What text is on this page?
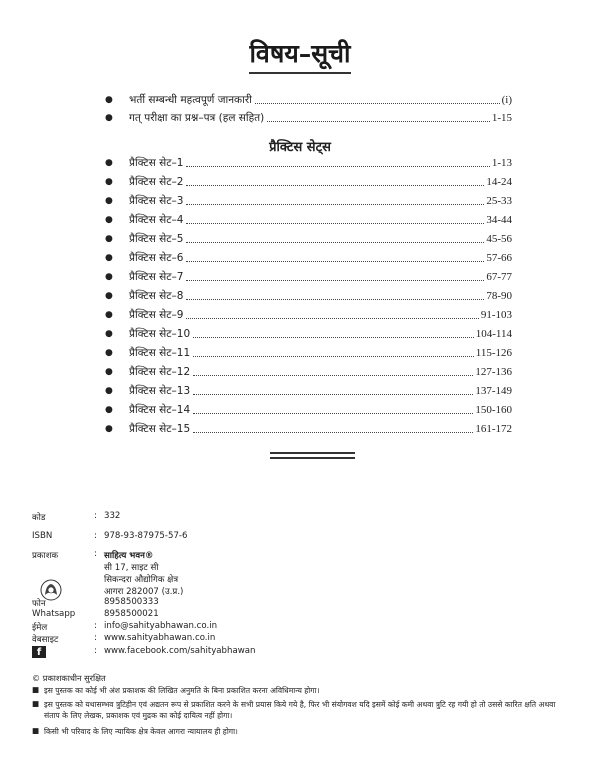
विषय–सूची
●	भर्ती सम्बन्धी महत्वपूर्ण जानकारी	(i)
●	गत् परीक्षा का प्रश्न–पत्र (हल सहित)	1-15
प्रैक्टिस सेट्स
●	प्रैक्टिस सेट–1	1-13
●	प्रैक्टिस सेट–2	14-24
●	प्रैक्टिस सेट–3	25-33
●	प्रैक्टिस सेट–4	34-44
●	प्रैक्टिस सेट–5	45-56
●	प्रैक्टिस सेट–6	57-66
●	प्रैक्टिस सेट–7	67-77
●	प्रैक्टिस सेट–8	78-90
●	प्रैक्टिस सेट–9	91-103
●	प्रैक्टिस सेट–10	104-114
●	प्रैक्टिस सेट–11	115-126
●	प्रैक्टिस सेट–12	127-136
●	प्रैक्टिस सेट–13	137-149
●	प्रैक्टिस सेट–14	150-160
●	प्रैक्टिस सेट–15	161-172
कोड	: 332
ISBN	: 978-93-87975-57-6
प्रकाशक	: साहित्य भवन®
सी 17, साइट सी
सिकन्दरा औद्योगिक क्षेत्र
आगरा 282007 (उ.प्र.)
फोन	8958500333
Whatsapp	8958500021
ईमेल	: info@sahityabhawan.co.in
वेबसाइट	: www.sahityabhawan.co.in
f	: www.facebook.com/sahityabhawan
© प्रकाशकाधीन सुरक्षित
■ इस पुस्तक का कोई भी अंश प्रकाशक की लिखित अनुमति के बिना प्रकाशित करना अविधिमान्य होगा।
■ इस पुस्तक को यथासम्भव त्रुटिहीन एवं अद्यतन रूप से प्रकाशित करने के सभी प्रयास किये गये है, फिर भी संयोगवश यदि इसमें कोई कमी अथवा त्रुटि रह गयी हो तो उससे कारित क्षति अथवा संताप के लिए लेखक, प्रकाशक एवं मुद्रक का कोई दायित्व नहीं होगा।
■ किसी भी परिवाद के लिए न्यायिक क्षेत्र केवल आगरा न्यायालय ही होगा।
